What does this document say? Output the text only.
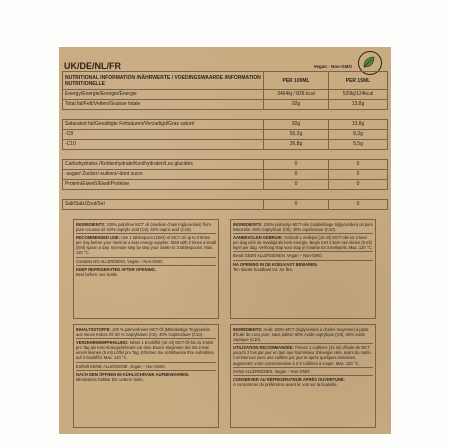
UK/DE/NL/FR	Vegan · Non-GMO
NUTRITIONAL INFORMATION /NÄHRWERTE / VOEDINGSWAARDE /INFORMATION NUTRITIONELLE	PER 100ML	PER 15ML
Energy/Energie/Energie/Énergie	3464kj / 828 kcal	520kj/124kcal
Total fat/Fett/Vetten/Graisse totale	92g	13,8g

Saturated fat/Gesättigte Fettsäuren/Verzadigd/Gras saturé	92g	13,8g
-C8	55,2g	8,3g
-C10	36,8g	5,5g

Carbohydrates /Kohlenhydrate/Koolhydraten/Les glucides	0	0
-sugar/-Zucker/-suikers/-dont sucre	0	0
Protein/Eiweiß/Eiwit/Protéine	0	0

Salt/Salz/Zout/Sel	0	0
INGREDIENTS: 100% palmfree MCT oil (medium chain triglycerides) from pure coconut oil: 60% caprylic acid (C8), 40% capric acid (C10).
RECOMMENDED USE: Use 1 tablespoon (15ml) of MCT oil up to 3 times per day before your meal as a keto energy supplier. Start with 2 times a small (5ml) spoon a day. Increase step by step your intake to 3 tablespoons. Max. 120 °C.
Contains NO ALLERGENS. Vegan – Non-GMO.
KEEP REFRIGERATED AFTER OPENING.
Best before: see bottle.
INGREDIENTS: 100% palmvrije MCT-olie (middellange triglyceriden) uit pure kokosolie: 60% Caprylzuur (C8), 40% caprinezuur (C10).
AANBEVOLEN GEBRUIK: Gebruik 1 eetlepel (15 ml) MCT-olie tot 3 keer per dag vóór de maaltijd als keto-energie. Begin met 2 keer een kleine (5 ml) lepel per dag. Verhoog stap voor stap je inname tot 3 eetlepels. Max. 120 °C.
Bevat GEEN ALLERGENEN. Vegan – Non-GMO.
NA OPENING IN DE KOELKAST BEWAREN.
Ten minste houdbaar tot: zie fles.
INHALTSSTOFFE: 100 % palmenfreies MCT-Öl (Mittelkettige Triglyceride aus reines Kokos-Öl: 60 % Caprylsäure (C8), 40% Caprinsäure (C10).
VERZEHRNEMPFEHLUNG: Nimm 1 Esslöffel (15 ml) MCT-Öl bis zu 3-Mal pro Tag als Keto-Energielieferant vor dem Essen. Beginnen Sie mit 2-mal einem kleinen (5 ml) Löffel pro Tag. Erhöhen Sie schrittweise Ihre Aufnahme auf 3 Esslöffel. Max. 120 °C.
Enthält KEINE ALLERGENE. Vegan – Non-GMO.
NACH DEM ÖFFNEN IM KÜHLSCHRANK AUFBEWAHREN.
Mindestens haltbar bis: unterer Seite.
INGRÉDIENTS: Huile 100% MCT (triglycérides à chaîne moyenne) à partir d'huile de coco pure, sans palme: 60% Acide caprylique (C8), 40% Acide caprique (C10).
UTILISATION RECOMMANDÉE: Prenez 1 cuillères (15 ml) d'huile de MCT jusqu'à 3 fois par jour en tant que fournisseur d'énergie céto, avant du matin. Commencez avec une cuillère par jour et après quelques semaines, augmentez votre consommation à 2-3 cuillères à soupe. Max. 120 °C.
SANS ALLERGÈNES. Vegan – Non-GMO.
CONSERVER AU RÉFRIGÉRATEUR APRÈS OUVERTURE.
À consommer de préférence avant le: voir sur la bouteille.
